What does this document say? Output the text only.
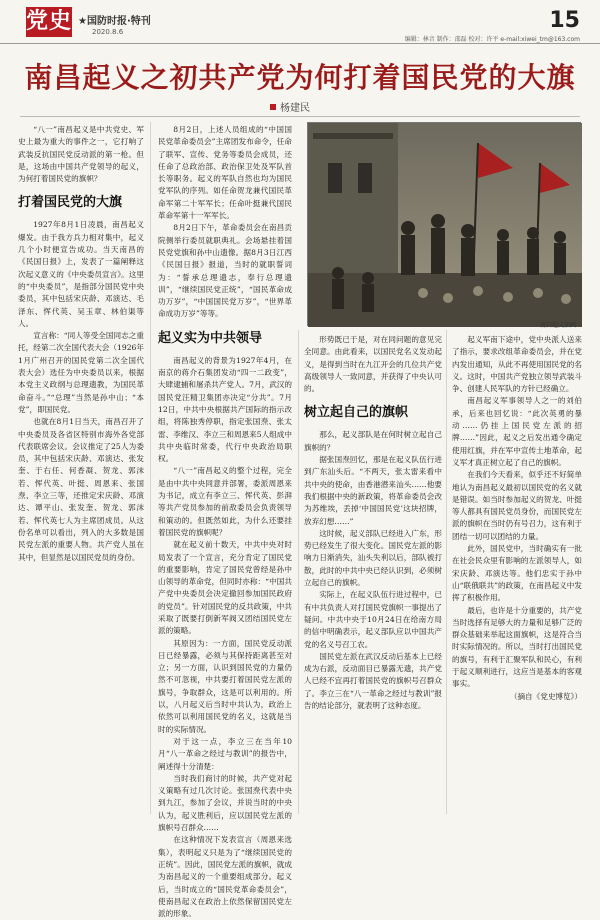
党史 ★国防时报·特刊
2020.8.6	15
编辑：林音 制作：邵磊 校对：许平 e-mail:xiwei_tm@163.com
南昌起义之初共产党为何打着国民党的大旗
杨建民

“八一”南昌起义是中共党史、军史上最为重大的事件之一，它打响了武装反抗国民党反动派的第一枪。但是，这场由中国共产党领导的起义，为何打着国民党的旗帜？

打着国民党的大旗

1927年8月1日凌晨，南昌起义爆发。由于我方兵力相对集中，起义几个小时便宣告成功。当天南昌的《民国日报》上，发表了一篇阐释这次起义意义的《中央委员宣言》。这里的“中央委员”，是指部分国民党中央委员，其中包括宋庆龄、邓演达、毛泽东、恽代英、吴玉章、林伯渠等人。

宣言称：“同人等受全国同志之重托，经第二次全国代表大会（1926年1月广州召开的国民党第二次全国代表大会）选任为中央委员以来，根据本党主义政纲与总理遗教，为国民革命奋斗。”“总理”当然是孙中山；“本党”，即国民党。

也就在8月1日当天，南昌召开了中央委员及各省区特别市海外各党部代表联席会议。会议推定了25人为委员，其中包括宋庆龄、邓演达、张发奎、于右任、何香凝、贺龙、郭沫若、恽代英、叶挺、周恩来、张国焘、李立三等，还推定宋庆龄、邓演达、谭平山、张发奎、贺龙、郭沫若、恽代英七人为主席团成员。从这份名单可以看出，列入的大多数是国民党左派的重要人物。共产党人虽在其中，但显然是以国民党员的身份。

8月2日，上述人员组成的“中国国民党革命委员会”主席团发布命令，任命了联军、宣传、党务等委员会成员，还任命了总政治部、政治保卫处及军队首长等职务。起义的军队自然也均为国民党军队的序列。如任命贺龙兼代国民革命军第二十军军长；任命叶挺兼代国民革命军第十一军军长。

8月2日下午，革命委员会在南昌贡院侧举行委员就职典礼。会场悬挂着国民党党旗和孙中山遗像。据8月3日江西《民国日报》报道，当时的就职誓词为：“誓承总理遗志，奉行总理遗训”，“继续国民党正统”，“国民革命成功万岁”，“中国国民党万岁”，“世界革命成功万岁”等等。

起义实为中共领导

南昌起义的背景为1927年4月，在南京的蒋介石集团发动“四一二政变”，大肆逮捕和屠杀共产党人。7月，武汉的国民党汪精卫集团亦决定“分共”。7月12日，中共中央根据共产国际的指示改组，将陈独秀停职，指定张国焘、张太雷、李维汉、李立三和周恩来5人组成中共中央临时常委，代行中央政治局职权。

“八一”南昌起义的整个过程，完全是由中共中央同意并部署，委派周恩来为书记，成立有李立三、恽代英、彭湃等共产党员参加的前敌委员会负责领导和策动的。但既然如此，为什么还要挂着国民党的旗帜呢？

就在起义前十数天，中共中央对时局发表了一个宣言，充分肯定了国民党的重要影响，肯定了国民党曾经是孙中山领导的革命党，但同时亦称：“中国共产党中央委员会决定撤回参加国民政府的党员”。针对国民党的反共政策，中共采取了既要打倒新军阀又团结国民党左派的策略。

其原因为：一方面，国民党反动派日已经暴露，必须与其保持距离甚至对立；另一方面，认识到国民党的力量仍然不可忽视，中共要打着国民党左派的旗号，争取群众，这是可以利用的。所以，八月起义后当时中共认为，政治上依然可以利用国民党的名义，这就是当时的实际情况。

对于这一点，李立三在当年10月“八一革命之经过与教训”的报告中，阐述得十分清楚：

当时我们商讨的时候，共产党对起义策略有过几次讨论。张国焘代表中央到九江，参加了会议，并说当时的中央认为，起义胜利后，应以国民党左派的旗帜号召群众……

在这种情况下发表宣言（周恩来选集），表明起义只是为了“继续国民党的正统”。因此，国民党左派的旗帜，就成为南昌起义的一个重要组成部分。起义后，当时成立的“国民党革命委员会”，使南昌起义在政治上依然保留国民党左派的形象。

南昌起义油画

形势既已于是，对在同问题的意见完全同意。由此看来，以国民党名义发动起义，是得到当时在九江开会的几位共产党高级领导人一致同意，并获得了中央认可的。

树立起自己的旗帜

那么，起义部队是在何时树立起自己旗帜的？

据张国焘回忆，那是在起义队伍行进到广东汕头后。“不两天，张太雷来看中共中央的使命，由香港潜来汕头……他要我们根据中央的新政策，将革命委员会改为苏维埃，丢掉‘中国国民党’这块招牌，放弃幻想……”

这时候，起义部队已经进入广东，形势已经发生了很大变化。国民党左派的影响力日渐消失，汕头失利以后，部队被打散，此时的中共中央已经认识到，必须树立起自己的旗帜。

实际上，在起义队伍行进过程中，已有中共负责人对打国民党旗帜一事提出了疑问。中共中央于10月24日在给南方局的信中明确表示，起义部队应以中国共产党的名义号召工农。

国民党左派在武汉反动后基本上已经成为右派，反动面目已暴露无遗，共产党人已经不宜再打着国民党的旗帜号召群众了。李立三在“八一革命之经过与教训”报告的结论部分，就表明了这种态度。

起义军南下途中，党中央派人送来了指示，要求改组革命委员会，并在党内发出通知，从此不再使用国民党的名义。这时，中国共产党独立领导武装斗争、创建人民军队的方针已经确立。

南昌起义军事领导人之一的刘伯承，后来也回忆说：“此次英勇的暴动……仍挂上国民党左派的招牌……”因此，起义之后发出通令确定使用红旗，并在军中宣传土地革命，起义军才真正树立起了自己的旗帜。

在我们今天看来，似乎还不好简单地认为南昌起义最初以国民党的名义就是错误。如当时参加起义的贺龙、叶挺等人都具有国民党员身份，而国民党左派的旗帜在当时仍有号召力，这有利于团结一切可以团结的力量。

此外，国民党中，当时确实有一批在社会民众里有影响的左派领导人，如宋庆龄、邓演达等。他们忠实于孙中山“联俄联共”的政策，在南昌起义中发挥了积极作用。

最后，也许是十分重要的，共产党当时选择有足够大的力量和足够广泛的群众基础来举起这面旗帜，这是符合当时实际情况的。所以，当时打出国民党的旗号，有利于汇聚军队和民心，有利于起义顺利进行，这应当是基本的客观事实。

（摘自《党史博览》）
